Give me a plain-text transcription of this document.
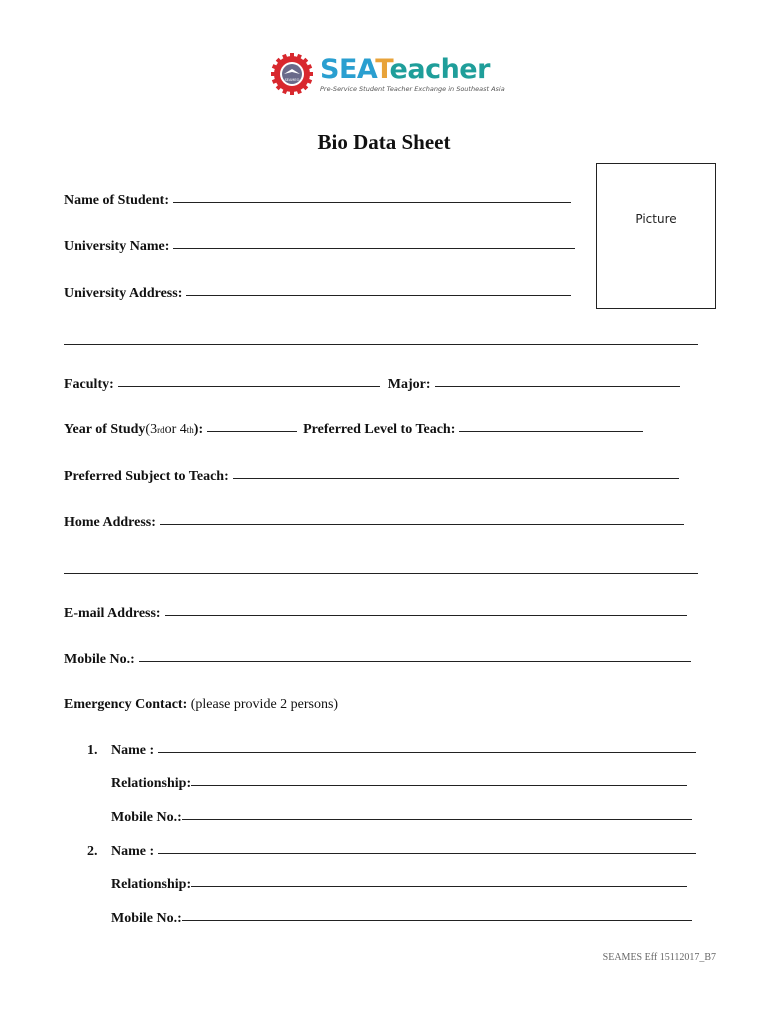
SEAMEO SEATeacher
Pre-Service Student Teacher Exchange in Southeast Asia
Bio Data Sheet
Picture
Name of Student:
University Name:
University Address:
Faculty:	Major:
Year of Study (3 rd or 4 th ):	Preferred Level to Teach:
Preferred Subject to Teach:
Home Address:
E-mail Address:
Mobile No.:
Emergency Contact: (please provide 2 persons)
1. Name :
Relationship:
Mobile No.:
2. Name :
Relationship:
Mobile No.:
SEAMES Eff 15112017_B7
